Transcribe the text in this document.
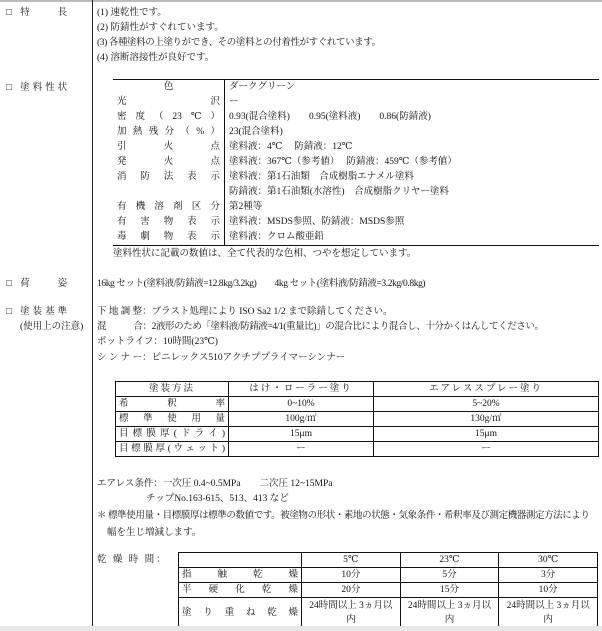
□ 特　　長	(1) 速乾性です。
(2) 防錆性がすぐれています。
(3) 各種塗料の上塗りができ、その塗料との付着性がすぐれています。
(4) 溶断溶接性が良好です。
□ 塗料性状	色	ダークグリーン
光沢	ー
密度（23℃）	0.93(混合塗料)　　0.95(塗料液)　　0.86(防錆液)
加熱残分（%）	23(混合塗料)
引火点	塗料液：4℃　 防錆液：12℃
発火点	塗料液：367℃（参考値）　 防錆液：459℃（参考値）
消防法表示	塗料液：第1石油類　合成樹脂エナメル塗料
	防錆液：第1石油類(水溶性)　合成樹脂クリヤー塗料
有機溶剤区分	第2種等
有害物表示	塗料液：MSDS参照、防錆液：MSDS参照
毒劇物表示	塗料液：クロム酸亜鉛
塗料性状に記載の数値は、全て代表的な色相、つやを想定しています。
□ 荷　　姿	16kg セット(塗料液/防錆液=12.8kg/3.2kg)　　4kg セット(塗料液/防錆液=3.2kg/0.8kg)
□ 塗装基準
(使用上の注意)
下 地 調 整：ブラスト処理により ISO Sa2 1/2 まで除錆してください。
混　　　合：2液形のため「塗料液/防錆液=4/1(重量比)」の混合比により混合し、十分かくはんしてください。
ポットライフ：10時間(23℃)
シ ン ナ ー：ビニレックス510アクチププライマーシンナー
塗装方法	はけ・ローラー塗り	エアレススプレー塗り
希釈率	0~10%	5~20%
標準使用量	100g/㎡	130g/㎡
目標膜厚(ドライ)	15μm	15μm
目標膜厚(ウェット)	ー	ー
エアレス条件：一次圧 0.4~0.5MPa　　二次圧 12~15MPa
チップNo.163-615、513、413 など
＊ 標準使用量・目標膜厚は標準の数値です。被塗物の形状・素地の状態・気象条件・希釈率及び測定機器測定方法により
幅を生じ増減します。
乾 燥 時 間：
		5℃	23℃	30℃
指触乾燥	10分	5分	3分
半硬化乾燥	20分	15分	10分
塗り重ね乾燥	24時間以上 3ヵ月以内	24時間以上 3ヵ月以内	24時間以上 3ヵ月以内
